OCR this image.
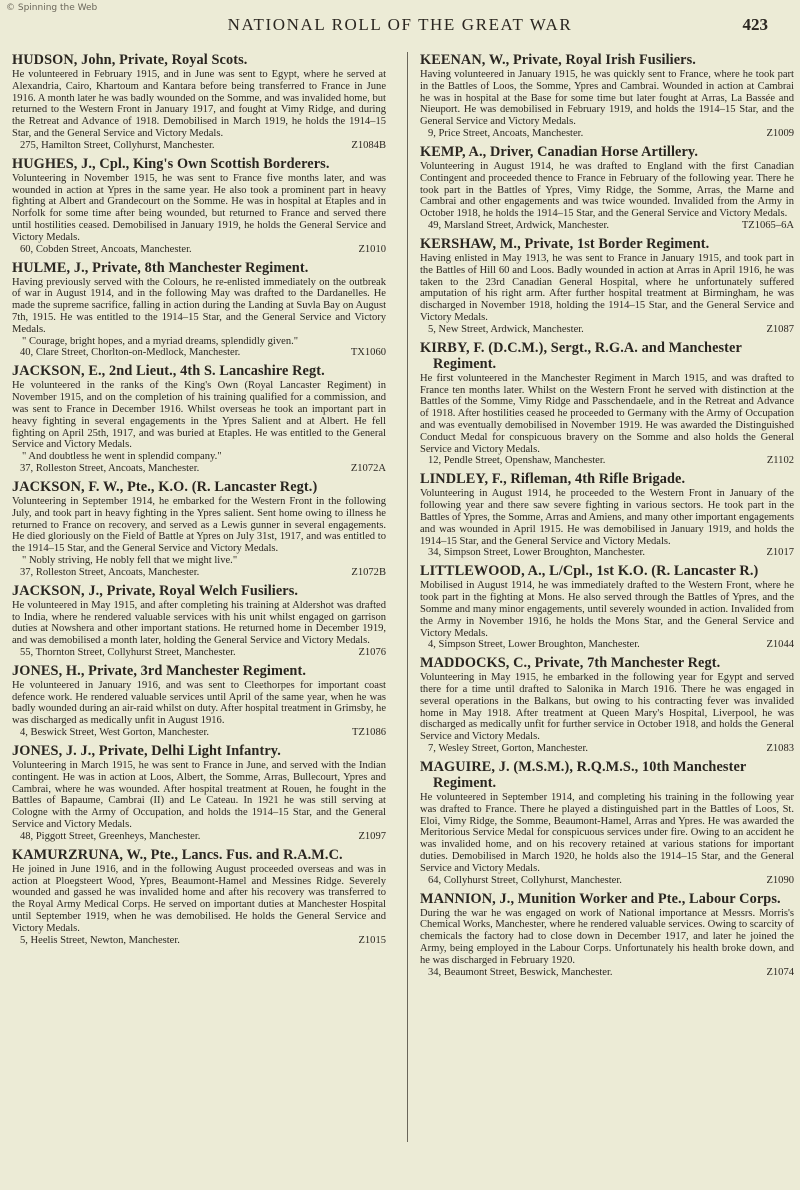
© Spinning the Web
NATIONAL ROLL OF THE GREAT WAR	423
HUDSON, John, Private, Royal Scots.
He volunteered in February 1915, and in June was sent to Egypt, where he served at Alexandria, Cairo, Khartoum and Kantara before being transferred to France in June 1916. A month later he was badly wounded on the Somme, and was invalided home, but returned to the Western Front in January 1917, and fought at Vimy Ridge, and during the Retreat and Advance of 1918. Demobilised in March 1919, he holds the 1914–15 Star, and the General Service and Victory Medals.
275, Hamilton Street, Collyhurst, Manchester.	Z1084B
HUGHES, J., Cpl., King's Own Scottish Borderers.
Volunteering in November 1915, he was sent to France five months later, and was wounded in action at Ypres in the same year. He also took a prominent part in heavy fighting at Albert and Grandecourt on the Somme. He was in hospital at Etaples and in Norfolk for some time after being wounded, but returned to France and served there until hostilities ceased. Demobilised in January 1919, he holds the General Service and Victory Medals.
60, Cobden Street, Ancoats, Manchester.	Z1010
HULME, J., Private, 8th Manchester Regiment.
Having previously served with the Colours, he re-enlisted immediately on the outbreak of war in August 1914, and in the following May was drafted to the Dardanelles. He made the supreme sacrifice, falling in action during the Landing at Suvla Bay on August 7th, 1915. He was entitled to the 1914–15 Star, and the General Service and Victory Medals.
" Courage, bright hopes, and a myriad dreams, splendidly given."
40, Clare Street, Chorlton-on-Medlock, Manchester.	TX1060
JACKSON, E., 2nd Lieut., 4th S. Lancashire Regt.
He volunteered in the ranks of the King's Own (Royal Lancaster Regiment) in November 1915, and on the completion of his training qualified for a commission, and was sent to France in December 1916. Whilst overseas he took an important part in heavy fighting in several engagements in the Ypres Salient and at Albert. He fell fighting on April 25th, 1917, and was buried at Etaples. He was entitled to the General Service and Victory Medals.
" And doubtless he went in splendid company."
37, Rolleston Street, Ancoats, Manchester.	Z1072A
JACKSON, F. W., Pte., K.O. (R. Lancaster Regt.)
Volunteering in September 1914, he embarked for the Western Front in the following July, and took part in heavy fighting in the Ypres salient. Sent home owing to illness he returned to France on recovery, and served as a Lewis gunner in several engagements. He died gloriously on the Field of Battle at Ypres on July 31st, 1917, and was entitled to the 1914–15 Star, and the General Service and Victory Medals.
" Nobly striving, He nobly fell that we might live."
37, Rolleston Street, Ancoats, Manchester.	Z1072B
JACKSON, J., Private, Royal Welch Fusiliers.
He volunteered in May 1915, and after completing his training at Aldershot was drafted to India, where he rendered valuable services with his unit whilst engaged on garrison duties at Nowshera and other important stations. He returned home in December 1919, and was demobilised a month later, holding the General Service and Victory Medals.
55, Thornton Street, Collyhurst Street, Manchester.	Z1076
JONES, H., Private, 3rd Manchester Regiment.
He volunteered in January 1916, and was sent to Cleethorpes for important coast defence work. He rendered valuable services until April of the same year, when he was badly wounded during an air-raid whilst on duty. After hospital treatment in Grimsby, he was discharged as medically unfit in August 1916.
4, Beswick Street, West Gorton, Manchester.	TZ1086
JONES, J. J., Private, Delhi Light Infantry.
Volunteering in March 1915, he was sent to France in June, and served with the Indian contingent. He was in action at Loos, Albert, the Somme, Arras, Bullecourt, Ypres and Cambrai, where he was wounded. After hospital treatment at Rouen, he fought in the Battles of Bapaume, Cambrai (II) and Le Cateau. In 1921 he was still serving at Cologne with the Army of Occupation, and holds the 1914–15 Star, and the General Service and Victory Medals.
48, Piggott Street, Greenheys, Manchester.	Z1097
KAMURZRUNA, W., Pte., Lancs. Fus. and R.A.M.C.
He joined in June 1916, and in the following August proceeded overseas and was in action at Ploegsteert Wood, Ypres, Beaumont-Hamel and Messines Ridge. Severely wounded and gassed he was invalided home and after his recovery was transferred to the Royal Army Medical Corps. He served on important duties at Manchester Hospital until September 1919, when he was demobilised. He holds the General Service and Victory Medals.
5, Heelis Street, Newton, Manchester.	Z1015
KEENAN, W., Private, Royal Irish Fusiliers.
Having volunteered in January 1915, he was quickly sent to France, where he took part in the Battles of Loos, the Somme, Ypres and Cambrai. Wounded in action at Cambrai he was in hospital at the Base for some time but later fought at Arras, La Bassée and Nieuport. He was demobilised in February 1919, and holds the 1914–15 Star, and the General Service and Victory Medals.
9, Price Street, Ancoats, Manchester.	Z1009
KEMP, A., Driver, Canadian Horse Artillery.
Volunteering in August 1914, he was drafted to England with the first Canadian Contingent and proceeded thence to France in February of the following year. There he took part in the Battles of Ypres, Vimy Ridge, the Somme, Arras, the Marne and Cambrai and other engagements and was twice wounded. Invalided from the Army in October 1918, he holds the 1914–15 Star, and the General Service and Victory Medals.
49, Marsland Street, Ardwick, Manchester.	TZ1065–6A
KERSHAW, M., Private, 1st Border Regiment.
Having enlisted in May 1913, he was sent to France in January 1915, and took part in the Battles of Hill 60 and Loos. Badly wounded in action at Arras in April 1916, he was taken to the 23rd Canadian General Hospital, where he unfortunately suffered amputation of his right arm. After further hospital treatment at Birmingham, he was discharged in November 1918, holding the 1914–15 Star, and the General Service and Victory Medals.
5, New Street, Ardwick, Manchester.	Z1087
KIRBY, F. (D.C.M.), Sergt., R.G.A. and Manchester Regiment.
He first volunteered in the Manchester Regiment in March 1915, and was drafted to France ten months later. Whilst on the Western Front he served with distinction at the Battles of the Somme, Vimy Ridge and Passchendaele, and in the Retreat and Advance of 1918. After hostilities ceased he proceeded to Germany with the Army of Occupation and was eventually demobilised in November 1919. He was awarded the Distinguished Conduct Medal for conspicuous bravery on the Somme and also holds the General Service and Victory Medals.
12, Pendle Street, Openshaw, Manchester.	Z1102
LINDLEY, F., Rifleman, 4th Rifle Brigade.
Volunteering in August 1914, he proceeded to the Western Front in January of the following year and there saw severe fighting in various sectors. He took part in the Battles of Ypres, the Somme, Arras and Amiens, and many other important engagements and was wounded in April 1915. He was demobilised in January 1919, and holds the 1914–15 Star, and the General Service and Victory Medals.
34, Simpson Street, Lower Broughton, Manchester.	Z1017
LITTLEWOOD, A., L/Cpl., 1st K.O. (R. Lancaster R.)
Mobilised in August 1914, he was immediately drafted to the Western Front, where he took part in the fighting at Mons. He also served through the Battles of Ypres, and the Somme and many minor engagements, until severely wounded in action. Invalided from the Army in November 1916, he holds the Mons Star, and the General Service and Victory Medals.
4, Simpson Street, Lower Broughton, Manchester.	Z1044
MADDOCKS, C., Private, 7th Manchester Regt.
Volunteering in May 1915, he embarked in the following year for Egypt and served there for a time until drafted to Salonika in March 1916. There he was engaged in several operations in the Balkans, but owing to his contracting fever was invalided home in May 1918. After treatment at Queen Mary's Hospital, Liverpool, he was discharged as medically unfit for further service in October 1918, and holds the General Service and Victory Medals.
7, Wesley Street, Gorton, Manchester.	Z1083
MAGUIRE, J. (M.S.M.), R.Q.M.S., 10th Manchester Regiment.
He volunteered in September 1914, and completing his training in the following year was drafted to France. There he played a distinguished part in the Battles of Loos, St. Eloi, Vimy Ridge, the Somme, Beaumont-Hamel, Arras and Ypres. He was awarded the Meritorious Service Medal for conspicuous services under fire. Owing to an accident he was invalided home, and on his recovery retained at various stations for important duties. Demobilised in March 1920, he holds also the 1914–15 Star, and the General Service and Victory Medals.
64, Collyhurst Street, Collyhurst, Manchester.	Z1090
MANNION, J., Munition Worker and Pte., Labour Corps.
During the war he was engaged on work of National importance at Messrs. Morris's Chemical Works, Manchester, where he rendered valuable services. Owing to scarcity of chemicals the factory had to close down in December 1917, and later he joined the Army, being employed in the Labour Corps. Unfortunately his health broke down, and he was discharged in February 1920.
34, Beaumont Street, Beswick, Manchester.	Z1074
